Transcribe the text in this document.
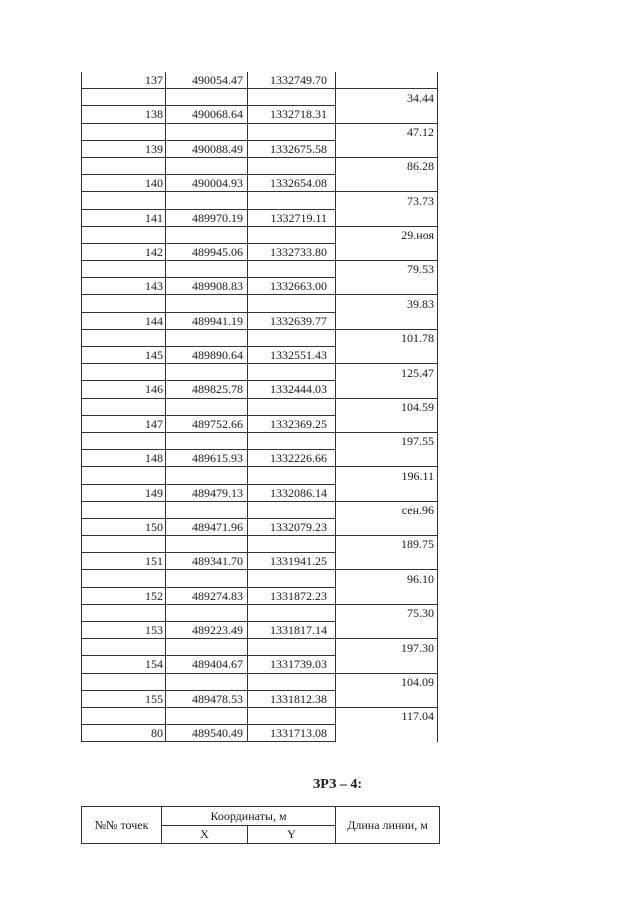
137	490054.47	1332749.70	
			34.44
138	490068.64	1332718.31	
			47.12
139	490088.49	1332675.58	
			86.28
140	490004.93	1332654.08	
			73.73
141	489970.19	1332719.11	
			29.ноя
142	489945.06	1332733.80	
			79.53
143	489908.83	1332663.00	
			39.83
144	489941.19	1332639.77	
			101.78
145	489890.64	1332551.43	
			125.47
146	489825.78	1332444.03	
			104.59
147	489752.66	1332369.25	
			197.55
148	489615.93	1332226.66	
			196.11
149	489479.13	1332086.14	
			сен.96
150	489471.96	1332079.23	
			189.75
151	489341.70	1331941.25	
			96.10
152	489274.83	1331872.23	
			75.30
153	489223.49	1331817.14	
			197.30
154	489404.67	1331739.03	
			104.09
155	489478.53	1331812.38	
			117.04
80	489540.49	1331713.08	
ЗРЗ – 4:
№№ точек	Координаты, м		Длина линии, м
	X	Y	
